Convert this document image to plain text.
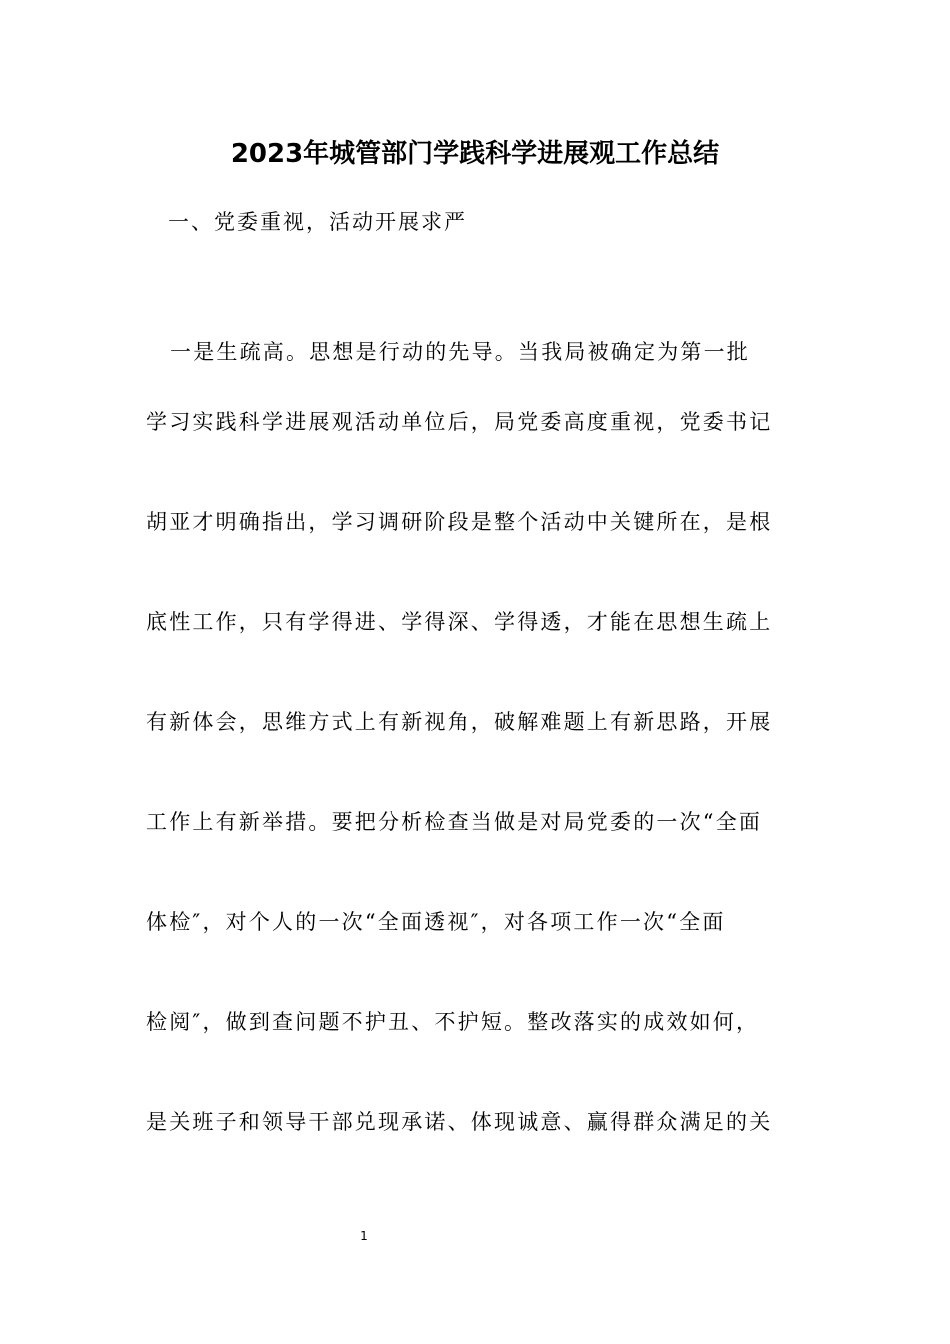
2023年城管部门学践科学进展观工作总结
一、党委重视，活动开展求严
一是生疏高。思想是行动的先导。当我局被确定为第一批
学习实践科学进展观活动单位后，局党委高度重视，党委书记
胡亚才明确指出，学习调研阶段是整个活动中关键所在，是根
底性工作，只有学得进、学得深、学得透，才能在思想生疏上
有新体会，思维方式上有新视角，破解难题上有新思路，开展
工作上有新举措。要把分析检查当做是对局党委的一次“全面
体检″，对个人的一次“全面透视″，对各项工作一次“全面
检阅″，做到查问题不护丑、不护短。整改落实的成效如何，
是关班子和领导干部兑现承诺、体现诚意、赢得群众满足的关
1
